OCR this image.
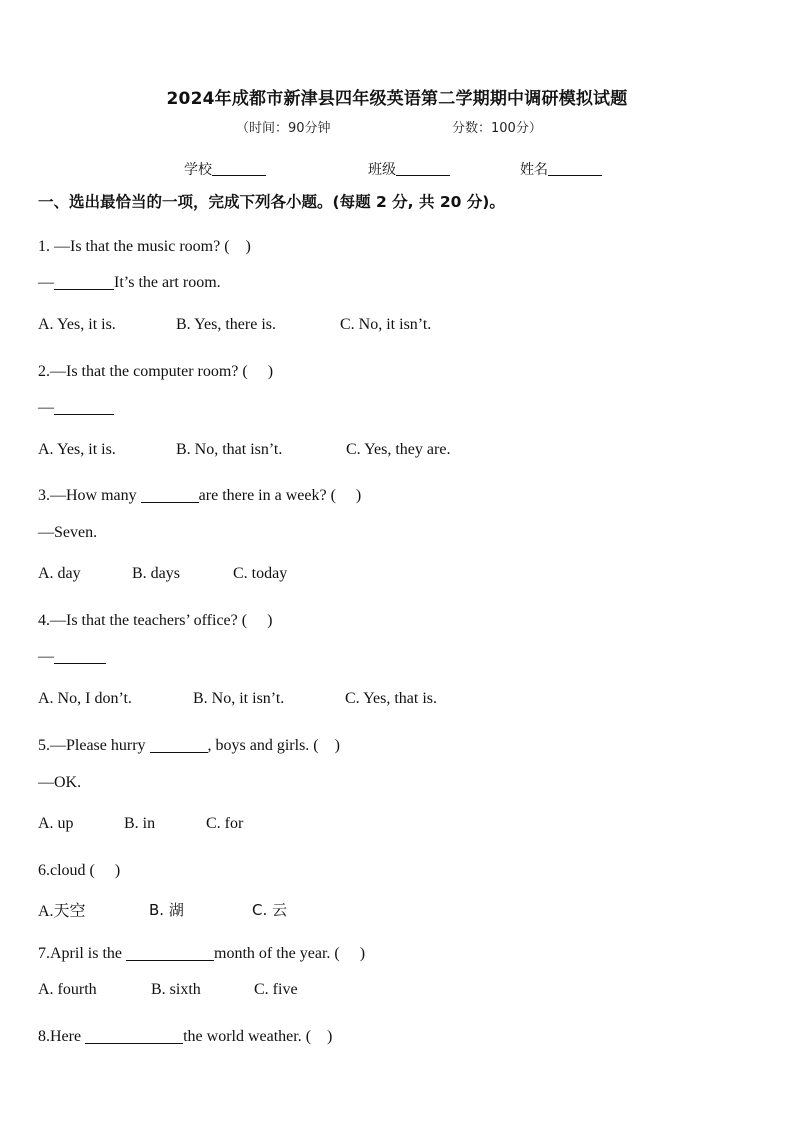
2024年成都市新津县四年级英语第二学期期中调研模拟试题
（时间：90分钟	分数：100分）
学校	班级	姓名
一、选出最恰当的一项，完成下列各小题。(每题 2 分, 共 20 分)。
1. —Is that the music room? (　)
—	It’s the art room.
A. Yes, it is.	B. Yes, there is.	C. No, it isn’t.
2.—Is that the computer room? (　 )
—
A. Yes, it is.	B. No, that isn’t.	C. Yes, they are.
3.—How many	are there in a week? (　 )
—Seven.
A. day	B. days	C. today
4.—Is that the teachers’ office? (　 )
—
A. No, I don’t.	B. No, it isn’t.	C. Yes, that is.
5.—Please hurry	, boys and girls. (　)
—OK.
A. up	B. in	C. for
6.cloud (　 )
A.天空	B. 湖	C. 云
7.April is the	month of the year. (　 )
A. fourth	B. sixth	C. five
8.Here	the world weather. (　)
